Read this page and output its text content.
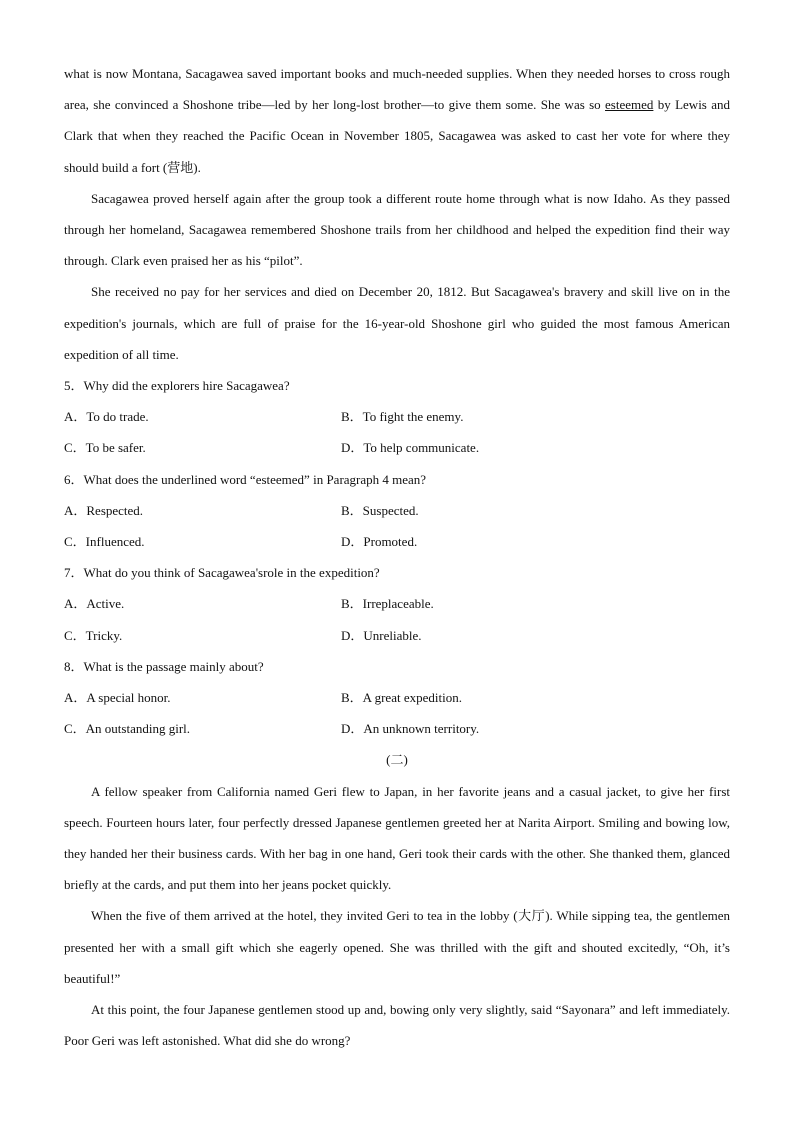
what is now Montana, Sacagawea saved important books and much-needed supplies. When they needed horses to cross rough area, she convinced a Shoshone tribe—led by her long-lost brother—to give them some. She was so esteemed by Lewis and Clark that when they reached the Pacific Ocean in November 1805, Sacagawea was asked to cast her vote for where they should build a fort (营地).

Sacagawea proved herself again after the group took a different route home through what is now Idaho. As they passed through her homeland, Sacagawea remembered Shoshone trails from her childhood and helped the expedition find their way through. Clark even praised her as his “pilot”.

She received no pay for her services and died on December 20, 1812. But Sacagawea's bravery and skill live on in the expedition's journals, which are full of praise for the 16-year-old Shoshone girl who guided the most famous American expedition of all time.

5．Why did the explorers hire Sacagawea?
A．To do trade.	B．To fight the enemy.
C．To be safer.	D．To help communicate.
6．What does the underlined word “esteemed” in Paragraph 4 mean?
A．Respected.	B．Suspected.
C．Influenced.	D．Promoted.
7．What do you think of Sacagawea'srole in the expedition?
A．Active.	B．Irreplaceable.
C．Tricky.	D．Unreliable.
8．What is the passage mainly about?
A．A special honor.	B．A great expedition.
C．An outstanding girl.	D．An unknown territory.
(二)

A fellow speaker from California named Geri flew to Japan, in her favorite jeans and a casual jacket, to give her first speech. Fourteen hours later, four perfectly dressed Japanese gentlemen greeted her at Narita Airport. Smiling and bowing low, they handed her their business cards. With her bag in one hand, Geri took their cards with the other. She thanked them, glanced briefly at the cards, and put them into her jeans pocket quickly.

When the five of them arrived at the hotel, they invited Geri to tea in the lobby (大厅). While sipping tea, the gentlemen presented her with a small gift which she eagerly opened. She was thrilled with the gift and shouted excitedly, “Oh, it’s beautiful!”

At this point, the four Japanese gentlemen stood up and, bowing only very slightly, said “Sayonara” and left immediately. Poor Geri was left astonished. What did she do wrong?
